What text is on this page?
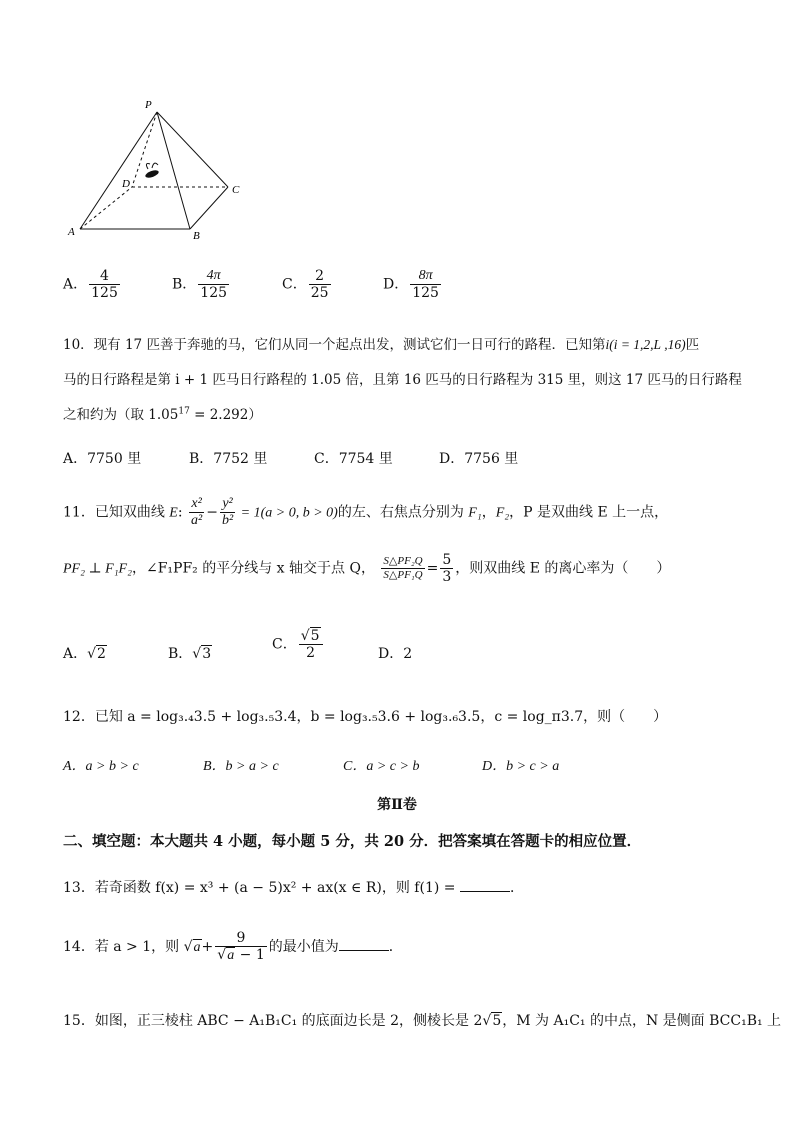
P
D	C
A	B
A． $\frac{4}{125}$	B． $\frac{4\pi}{125}$	C． $\frac{2}{25}$	D． $\frac{8\pi}{125}$
10．现有 17 匹善于奔驰的马，它们从同一个起点出发，测试它们一日可行的路程．已知第i(i = 1,2,L ,16)匹
马的日行路程是第 i + 1 匹马日行路程的 1.05 倍，且第 16 匹马的日行路程为 315 里，则这 17 匹马的日行路程
之和约为（取 $1.05^{17} = 2.292$）
A．7750 里	B．7752 里	C．7754 里	D．7756 里
11．已知双曲线 E: $\frac{\text{x²}}{\text{a²}} - \frac{\text{y²}}{\text{b²}} = 1(a > 0$, b > 0)的左、右焦点分别为 F₁，F₂，P 是双曲线 E 上一点，
PF₂ ⊥ F₁F₂，∠F₁PF₂ 的平分线与 x 轴交于点 Q， $\frac{\text{S△PF₂Q}}{\text{S△PF₁Q}} = \frac{5}{3}$ ，则双曲线 E 的离心率为（　　）
A．√2	B．√3
C． $\frac{√5}{2}$	D．2
12．已知 a = log₃.₄3.5 + log₃.₅3.4，b = log₃.₅3.6 + log₃.₆3.5，c = log_π3.7，则（　　）
A．a > b > c	B．b > a > c	C．a > c > b	D．b > c > a
第Ⅱ卷
二、填空题：本大题共 4 小题，每小题 5 分，共 20 分．把答案填在答题卡的相应位置．
13．若奇函数 f(x) = x³ + (a − 5)x² + ax(x ∈ R)，则 f(1) =	．
14．若 a > 1，则 $√a+ \frac{9}{√a - 1}$ 的最小值为	．
15．如图，正三棱柱 ABC − A₁B₁C₁ 的底面边长是 2，侧棱长是 2√5，M 为 A₁C₁ 的中点，N 是侧面 BCC₁B₁ 上
